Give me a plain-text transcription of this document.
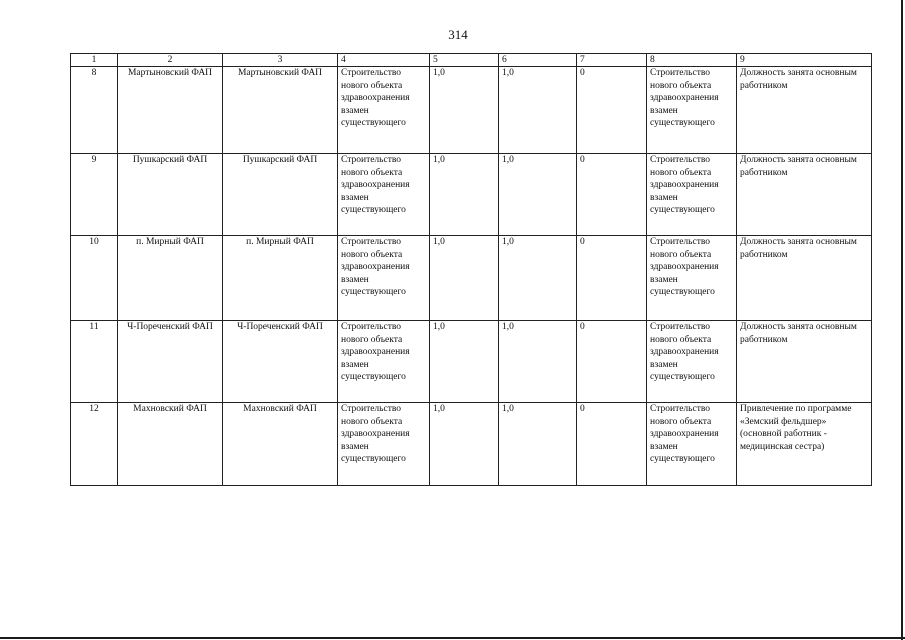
314
1	2	3	4	5	6	7	8	9
8	Мартыновский ФАП	Мартыновский ФАП	Строительство нового объекта здравоохранения взамен существующего	1,0	1,0	0	Строительство нового объекта здравоохранения взамен существующего	Должность занята основным работником
9	Пушкарский ФАП	Пушкарский ФАП	Строительство нового объекта здравоохранения взамен существующего	1,0	1,0	0	Строительство нового объекта здравоохранения взамен существующего	Должность занята основным работником
10	п. Мирный ФАП	п. Мирный ФАП	Строительство нового объекта здравоохранения взамен существующего	1,0	1,0	0	Строительство нового объекта здравоохранения взамен существующего	Должность занята основным работником
11	Ч-Пореченский ФАП	Ч-Пореченский ФАП	Строительство нового объекта здравоохранения взамен существующего	1,0	1,0	0	Строительство нового объекта здравоохранения взамен существующего	Должность занята основным работником
12	Махновский ФАП	Махновский ФАП	Строительство нового объекта здравоохранения взамен существующего	1,0	1,0	0	Строительство нового объекта здравоохранения взамен существующего	Привлечение по программе «Земский фельдшер» (основной работник - медицинская сестра)
